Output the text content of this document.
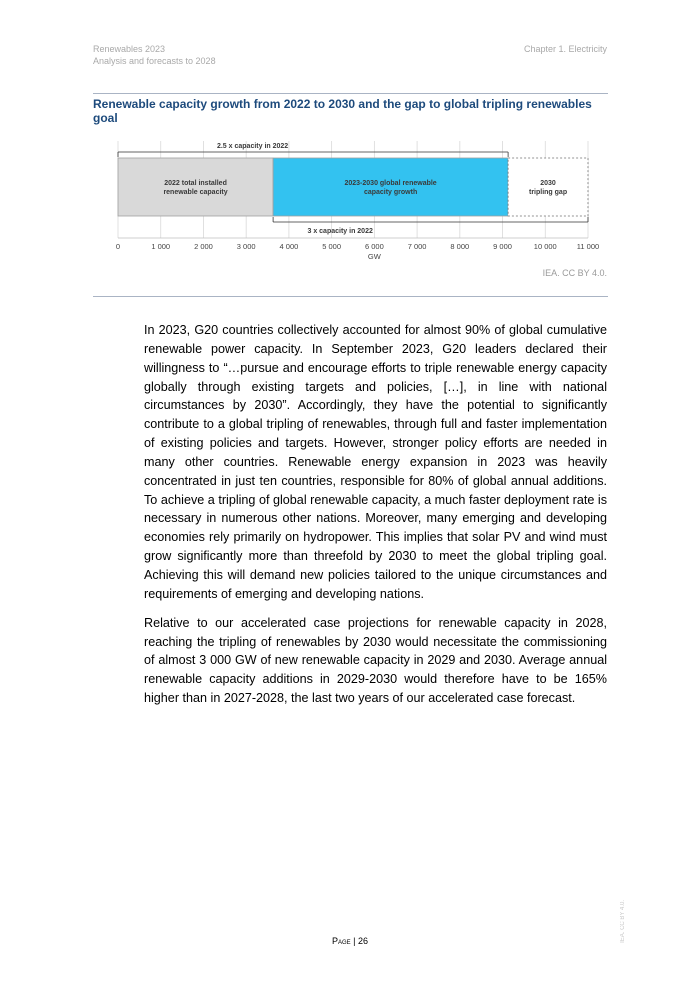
Renewables 2023
Analysis and forecasts to 2028
Chapter 1. Electricity
Renewable capacity growth from 2022 to 2030 and the gap to global tripling renewables goal
2022 total installed renewable capacity
2023-2030 global renewable capacity growth
2030 tripling gap
2.5 x capacity in 2022
3 x capacity in 2022
0	1 000	2 000	3 000	4 000	5 000	6 000	7 000	8 000	9 000	10 000	11 000
GW
IEA. CC BY 4.0.

In 2023, G20 countries collectively accounted for almost 90% of global cumulative renewable power capacity. In September 2023, G20 leaders declared their willingness to “…pursue and encourage efforts to triple renewable energy capacity globally through existing targets and policies, […], in line with national circumstances by 2030”. Accordingly, they have the potential to significantly contribute to a global tripling of renewables, through full and faster implementation of existing policies and targets. However, stronger policy efforts are needed in many other countries. Renewable energy expansion in 2023 was heavily concentrated in just ten countries, responsible for 80% of global annual additions. To achieve a tripling of global renewable capacity, a much faster deployment rate is necessary in numerous other nations. Moreover, many emerging and developing economies rely primarily on hydropower. This implies that solar PV and wind must grow significantly more than threefold by 2030 to meet the global tripling goal. Achieving this will demand new policies tailored to the unique circumstances and requirements of emerging and developing nations.

Relative to our accelerated case projections for renewable capacity in 2028, reaching the tripling of renewables by 2030 would necessitate the commissioning of almost 3 000 GW of new renewable capacity in 2029 and 2030. Average annual renewable capacity additions in 2029-2030 would therefore have to be 165% higher than in 2027-2028, the last two years of our accelerated case forecast.

Page | 26	IEA. CC BY 4.0.
